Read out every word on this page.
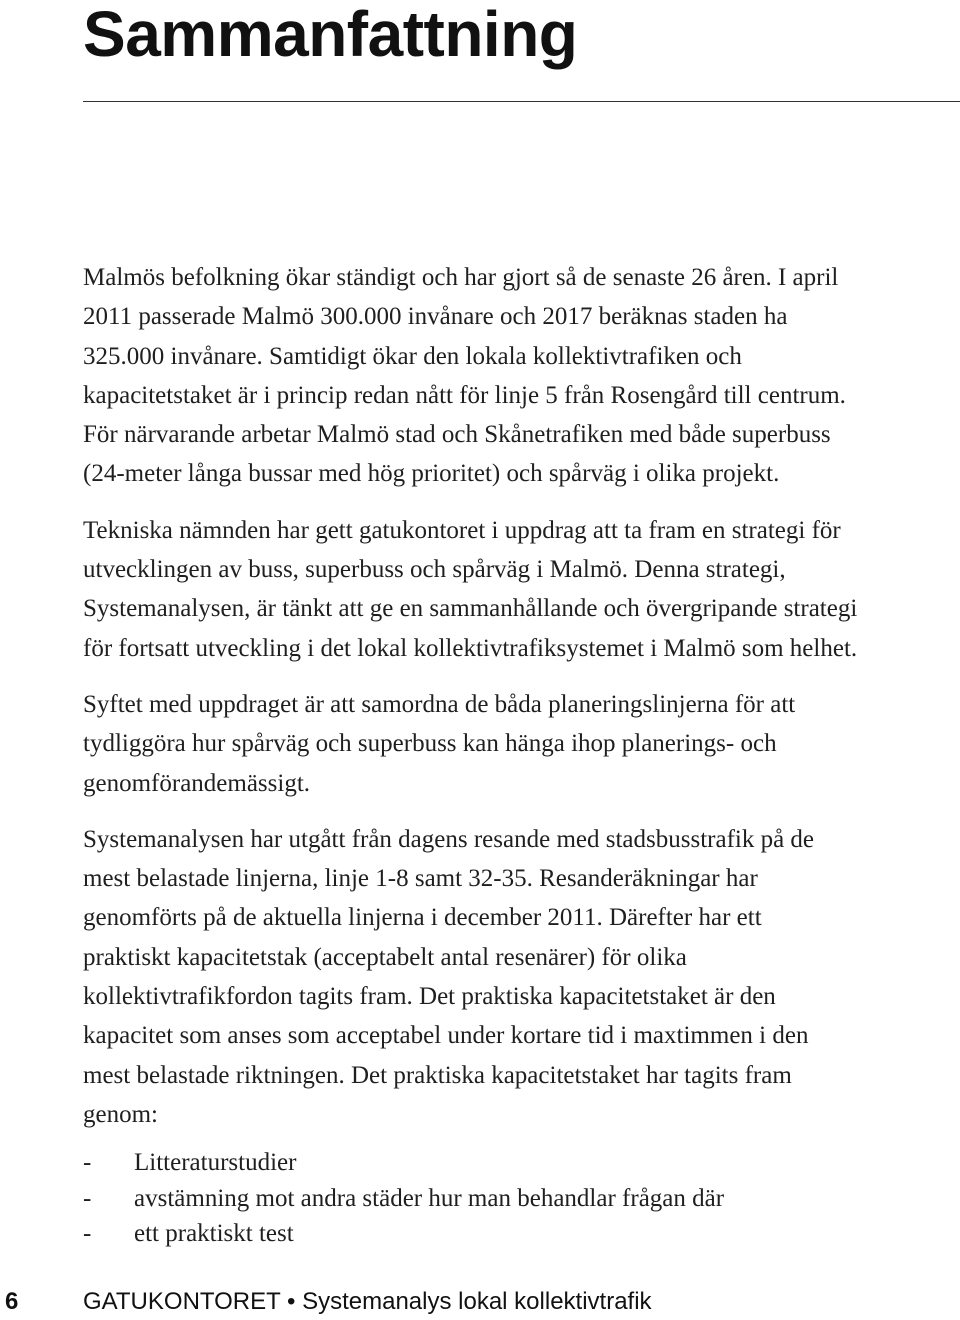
Sammanfattning

Malmös befolkning ökar ständigt och har gjort så de senaste 26 åren. I april
2011 passerade Malmö 300.000 invånare och 2017 beräknas staden ha
325.000 invånare. Samtidigt ökar den lokala kollektivtrafiken och
kapacitetstaket är i princip redan nått för linje 5 från Rosengård till centrum.
För närvarande arbetar Malmö stad och Skånetrafiken med både superbuss
(24-meter långa bussar med hög prioritet) och spårväg i olika projekt.

Tekniska nämnden har gett gatukontoret i uppdrag att ta fram en strategi för
utvecklingen av buss, superbuss och spårväg i Malmö. Denna strategi,
Systemanalysen, är tänkt att ge en sammanhållande och övergripande strategi
för fortsatt utveckling i det lokal kollektivtrafiksystemet i Malmö som helhet.

Syftet med uppdraget är att samordna de båda planeringslinjerna för att
tydliggöra hur spårväg och superbuss kan hänga ihop planerings- och
genomförandemässigt.

Systemanalysen har utgått från dagens resande med stadsbusstrafik på de
mest belastade linjerna, linje 1-8 samt 32-35. Resanderäkningar har
genomförts på de aktuella linjerna i december 2011. Därefter har ett
praktiskt kapacitetstak (acceptabelt antal resenärer) för olika
kollektivtrafikfordon tagits fram. Det praktiska kapacitetstaket är den
kapacitet som anses som acceptabel under kortare tid i maxtimmen i den
mest belastade riktningen. Det praktiska kapacitetstaket har tagits fram
genom:

- Litteraturstudier
- avstämning mot andra städer hur man behandlar frågan där
- ett praktiskt test
6	GATUKONTORET • Systemanalys lokal kollektivtrafik
